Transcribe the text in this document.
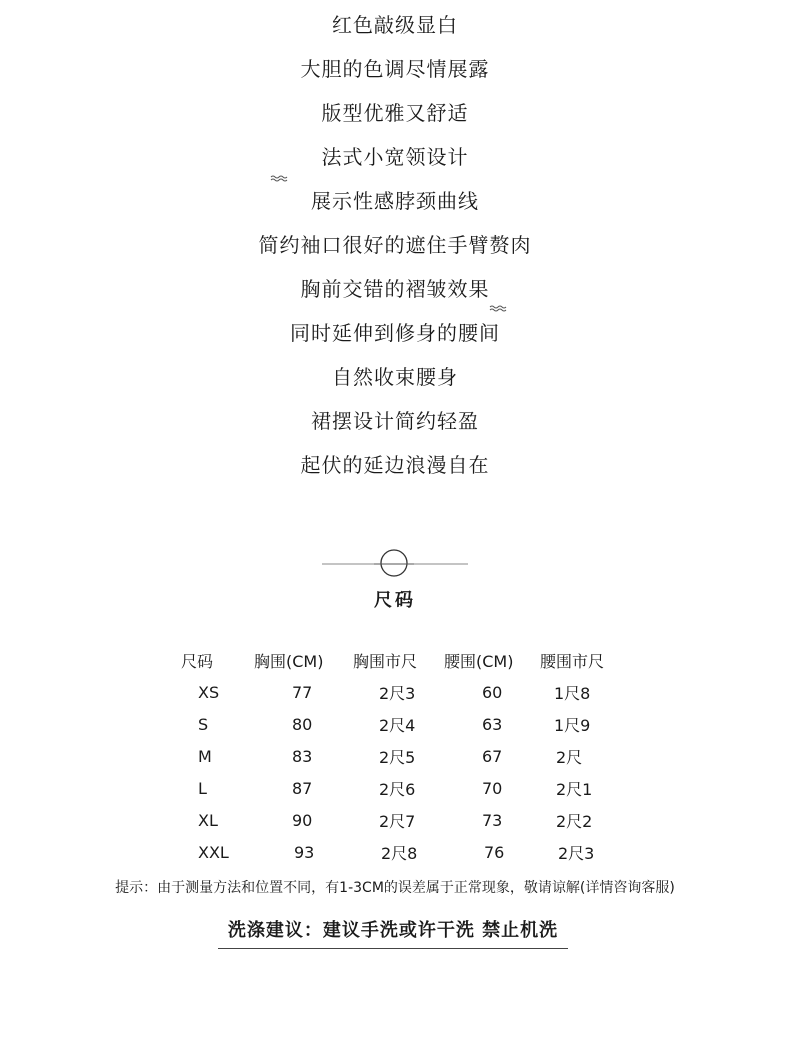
红色敲级显白
大胆的色调尽情展露
版型优雅又舒适
法式小宽领设计
展示性感脖颈曲线
简约袖口很好的遮住手臂赘肉
胸前交错的褶皱效果
同时延伸到修身的腰间
自然收束腰身
裙摆设计简约轻盈
起伏的延边浪漫自在
尺码
尺码	胸围(CM)	胸围市尺	腰围(CM)	腰围市尺
XS	77	2尺3	60	1尺8
S	80	2尺4	63	1尺9
M	83	2尺5	67	2尺
L	87	2尺6	70	2尺1
XL	90	2尺7	73	2尺2
XXL	93	2尺8	76	2尺3
提示：由于测量方法和位置不同，有1-3CM的误差属于正常现象，敬请谅解(详情咨询客服)
洗涤建议：建议手洗或许干洗 禁止机洗
